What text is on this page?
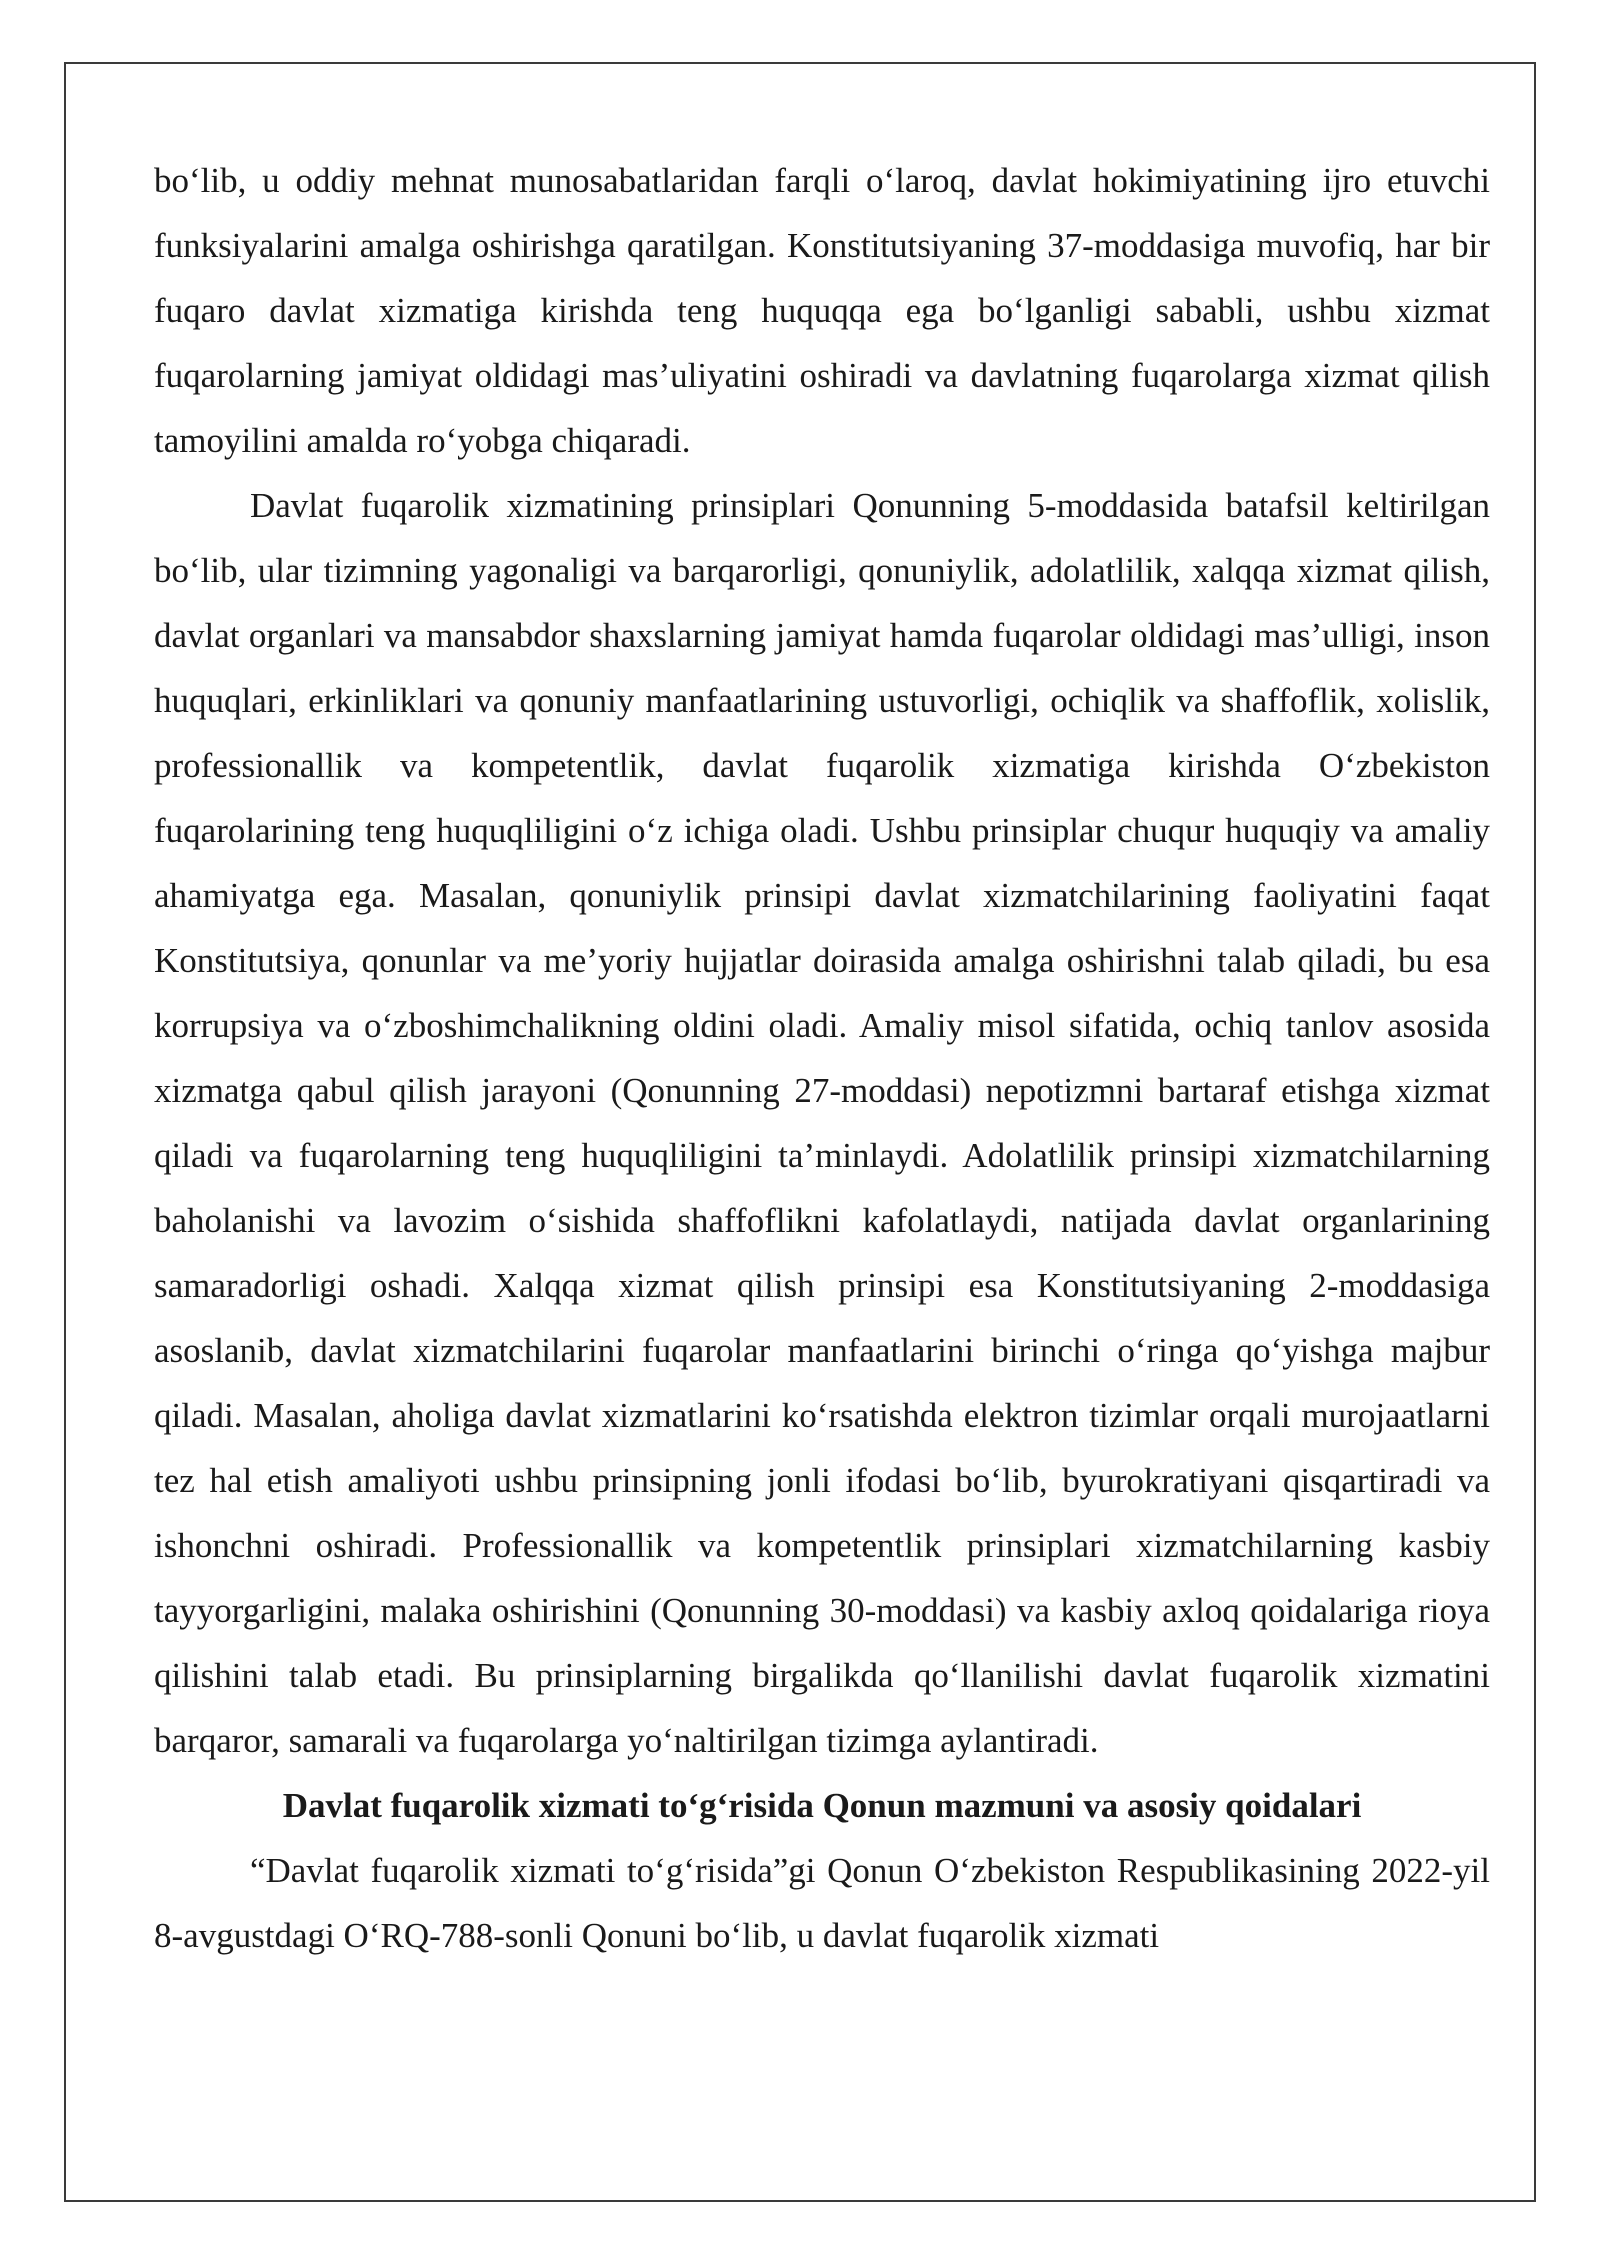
bo‘lib, u oddiy mehnat munosabatlaridan farqli o‘laroq, davlat hokimiyatining ijro etuvchi funksiyalarini amalga oshirishga qaratilgan. Konstitutsiyaning 37-moddasiga muvofiq, har bir fuqaro davlat xizmatiga kirishda teng huquqqa ega bo‘lganligi sababli, ushbu xizmat fuqarolarning jamiyat oldidagi mas’uliyatini oshiradi va davlatning fuqarolarga xizmat qilish tamoyilini amalda ro‘yobga chiqaradi.

Davlat fuqarolik xizmatining prinsiplari Qonunning 5-moddasida batafsil keltirilgan bo‘lib, ular tizimning yagonaligi va barqarorligi, qonuniylik, adolatlilik, xalqqa xizmat qilish, davlat organlari va mansabdor shaxslarning jamiyat hamda fuqarolar oldidagi mas’ulligi, inson huquqlari, erkinliklari va qonuniy manfaatlarining ustuvorligi, ochiqlik va shaffoflik, xolislik, professionallik va kompetentlik, davlat fuqarolik xizmatiga kirishda O‘zbekiston fuqarolarining teng huquqliligini o‘z ichiga oladi. Ushbu prinsiplar chuqur huquqiy va amaliy ahamiyatga ega. Masalan, qonuniylik prinsipi davlat xizmatchilarining faoliyatini faqat Konstitutsiya, qonunlar va me’yoriy hujjatlar doirasida amalga oshirishni talab qiladi, bu esa korrupsiya va o‘zboshimchalikning oldini oladi. Amaliy misol sifatida, ochiq tanlov asosida xizmatga qabul qilish jarayoni (Qonunning 27-moddasi) nepotizmni bartaraf etishga xizmat qiladi va fuqarolarning teng huquqliligini ta’minlaydi. Adolatlilik prinsipi xizmatchilarning baholanishi va lavozim o‘sishida shaffoflikni kafolatlaydi, natijada davlat organlarining samaradorligi oshadi. Xalqqa xizmat qilish prinsipi esa Konstitutsiyaning 2-moddasiga asoslanib, davlat xizmatchilarini fuqarolar manfaatlarini birinchi o‘ringa qo‘yishga majbur qiladi. Masalan, aholiga davlat xizmatlarini ko‘rsatishda elektron tizimlar orqali murojaatlarni tez hal etish amaliyoti ushbu prinsipning jonli ifodasi bo‘lib, byurokratiyani qisqartiradi va ishonchni oshiradi. Professionallik va kompetentlik prinsiplari xizmatchilarning kasbiy tayyorgarligini, malaka oshirishini (Qonunning 30-moddasi) va kasbiy axloq qoidalariga rioya qilishini talab etadi. Bu prinsiplarning birgalikda qo‘llanilishi davlat fuqarolik xizmatini barqaror, samarali va fuqarolarga yo‘naltirilgan tizimga aylantiradi.

Davlat fuqarolik xizmati to‘g‘risida Qonun mazmuni va asosiy qoidalari

“Davlat fuqarolik xizmati to‘g‘risida”gi Qonun O‘zbekiston Respublikasining 2022-yil 8-avgustdagi O‘RQ-788-sonli Qonuni bo‘lib, u davlat fuqarolik xizmati
